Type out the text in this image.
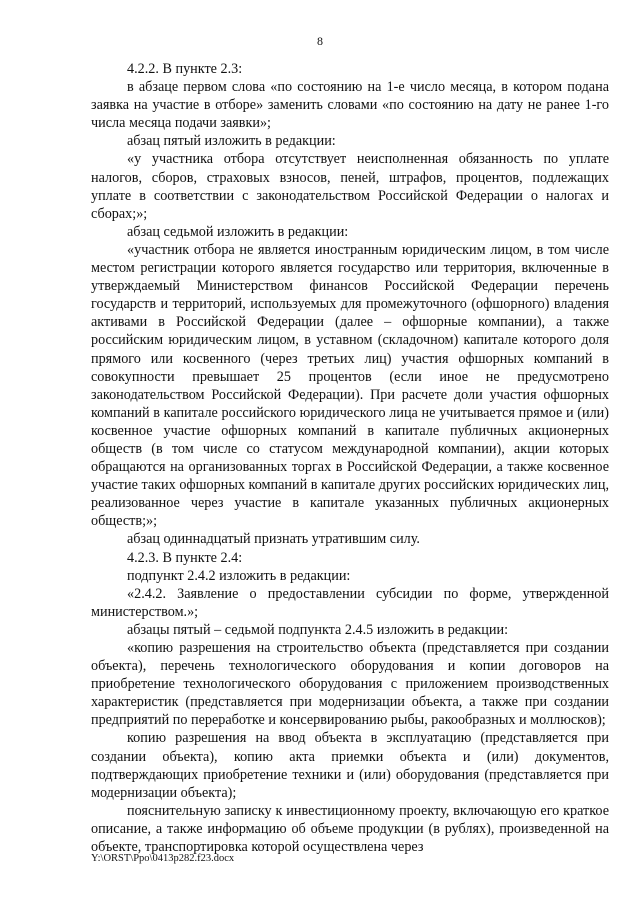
8

4.2.2. В пункте 2.3:

в абзаце первом слова «по состоянию на 1-е число месяца, в котором подана заявка на участие в отборе» заменить словами «по состоянию на дату не ранее 1-го числа месяца подачи заявки»;

абзац пятый изложить в редакции:

«у участника отбора отсутствует неисполненная обязанность по уплате налогов, сборов, страховых взносов, пеней, штрафов, процентов, подлежащих уплате в соответствии с законодательством Российской Федерации о налогах и сборах;»;

абзац седьмой изложить в редакции:

«участник отбора не является иностранным юридическим лицом, в том числе местом регистрации которого является государство или территория, включенные в утверждаемый Министерством финансов Российской Федерации перечень государств и территорий, используемых для промежуточного (офшорного) владения активами в Российской Федерации (далее – офшорные компании), а также российским юридическим лицом, в уставном (складочном) капитале которого доля прямого или косвенного (через третьих лиц) участия офшорных компаний в совокупности превышает 25 процентов (если иное не предусмотрено законодательством Российской Федерации). При расчете доли участия офшорных компаний в капитале российского юридического лица не учитывается прямое и (или) косвенное участие офшорных компаний в капитале публичных акционерных обществ (в том числе со статусом международной компании), акции которых обращаются на организованных торгах в Российской Федерации, а также косвенное участие таких офшорных компаний в капитале других российских юридических лиц, реализованное через участие в капитале указанных публичных акционерных обществ;»;

абзац одиннадцатый признать утратившим силу.

4.2.3. В пункте 2.4:

подпункт 2.4.2 изложить в редакции:

«2.4.2. Заявление о предоставлении субсидии по форме, утвержденной министерством.»;

абзацы пятый – седьмой подпункта 2.4.5 изложить в редакции:

«копию разрешения на строительство объекта (представляется при создании объекта), перечень технологического оборудования и копии договоров на приобретение технологического оборудования с приложением производственных характеристик (представляется при модернизации объекта, а также при создании предприятий по переработке и консервированию рыбы, ракообразных и моллюсков);

копию разрешения на ввод объекта в эксплуатацию (представляется при создании объекта), копию акта приемки объекта и (или) документов, подтверждающих приобретение техники и (или) оборудования (представляется при модернизации объекта);

пояснительную записку к инвестиционному проекту, включающую его краткое описание, а также информацию об объеме продукции (в рублях), произведенной на объекте, транспортировка которой осуществлена через

Y:\ORST\Ppo\0413p282.f23.docx
